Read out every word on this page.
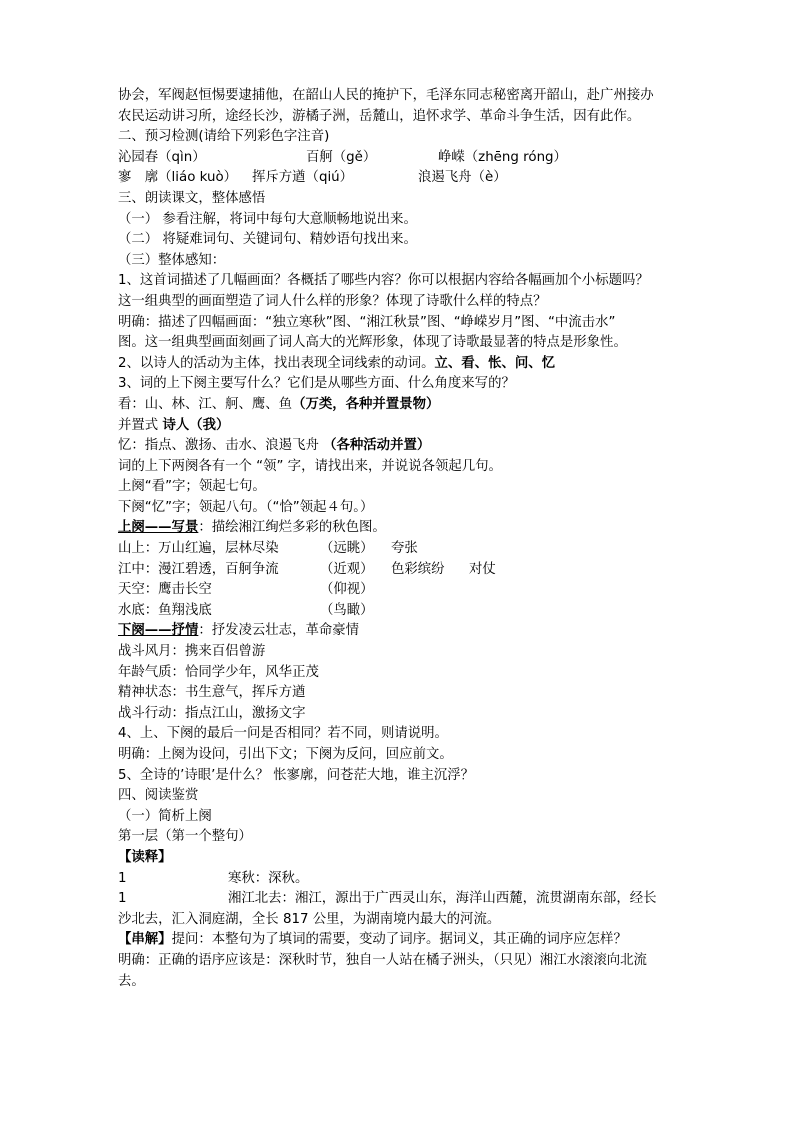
协会，军阀赵恒惕要逮捕他，在韶山人民的掩护下，毛泽东同志秘密离开韶山，赴广州接办
农民运动讲习所，途经长沙，游橘子洲，岳麓山，追怀求学、革命斗争生活，因有此作。
二、预习检测(请给下列彩色字注音)
沁园春（qìn）	百舸（gě）	峥嵘（zhēng róng）
寥　廓（liáo kuò） 挥斥方遒（qiú）	浪遏飞舟（è）
三、朗读课文，整体感悟
（一） 参看注解，将词中每句大意顺畅地说出来。
（二） 将疑难词句、关键词句、精妙语句找出来。
（三）整体感知：
1、这首词描述了几幅画面？各概括了哪些内容？你可以根据内容给各幅画加个小标题吗？
这一组典型的画面塑造了词人什么样的形象？体现了诗歌什么样的特点？
明确：描述了四幅画面：“独立寒秋”图、“湘江秋景”图、“峥嵘岁月”图、“中流击水”
图。这一组典型画面刻画了词人高大的光辉形象，体现了诗歌最显著的特点是形象性。
2、以诗人的活动为主体，找出表现全词线索的动词。立、看、怅、问、忆
3、词的上下阕主要写什么？它们是从哪些方面、什么角度来写的？
看：山、林、江、舸、鹰、鱼（万类，各种并置景物）
并置式 诗人（我）
忆：指点、激扬、击水、浪遏飞舟 （各种活动并置）
词的上下两阕各有一个 “领” 字，请找出来，并说说各领起几句。
上阕“看”字；领起七句。
下阕“忆”字；领起八句。（“恰”领起４句。）
上阕——写景：描绘湘江绚烂多彩的秋色图。
山上：万山红遍，层林尽染	（远眺） 夸张
江中：漫江碧透，百舸争流	（近观） 色彩缤纷 对仗
天空：鹰击长空	（仰视）
水底：鱼翔浅底	（鸟瞰）
下阕——抒情：抒发凌云壮志，革命豪情
战斗风月：携来百侣曾游
年龄气质：恰同学少年，风华正茂
精神状态：书生意气，挥斥方遒
战斗行动：指点江山，激扬文字
4、上、下阕的最后一问是否相同？若不同，则请说明。
明确：上阕为设问，引出下文；下阕为反问，回应前文。
5、全诗的’诗眼’是什么？ 怅寥廓，问苍茫大地，谁主沉浮？
四、阅读鉴赏
（一）简析上阕
第一层（第一个整句）
【读释】
1	寒秋：深秋。
1	湘江北去：湘江，源出于广西灵山东，海洋山西麓，流贯湖南东部，经长
沙北去，汇入洞庭湖，全长 817 公里，为湖南境内最大的河流。
【串解】提问：本整句为了填词的需要，变动了词序。据词义，其正确的词序应怎样？
明确：正确的语序应该是：深秋时节，独自一人站在橘子洲头，（只见）湘江水滚滚向北流
去。
